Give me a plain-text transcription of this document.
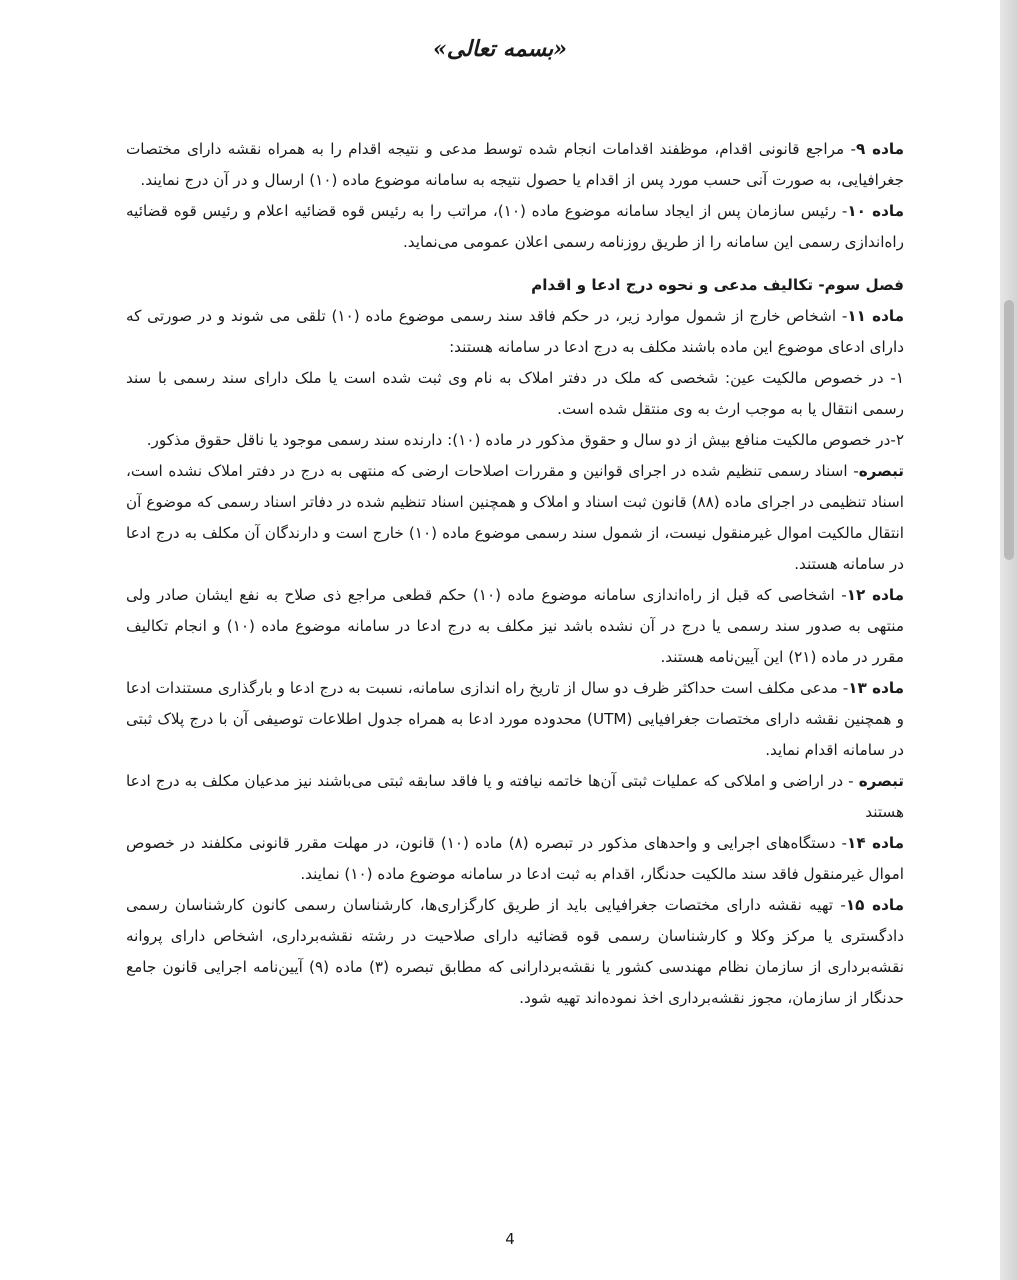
«بسمه تعالی»

ماده ۹- مراجع قانونی اقدام، موظفند اقدامات انجام شده توسط مدعی و نتیجه اقدام را به همراه نقشه دارای مختصات جغرافیایی، به صورت آنی حسب مورد پس از اقدام یا حصول نتیجه به سامانه موضوع ماده (۱۰) ارسال و در آن درج نمایند.

ماده ۱۰- رئیس سازمان پس از ایجاد سامانه موضوع ماده (۱۰)، مراتب را به رئیس قوه قضائیه اعلام و رئیس قوه قضائیه راه‌اندازی رسمی این سامانه را از طریق روزنامه رسمی اعلان عمومی می‌نماید.

فصل سوم- تکالیف مدعی و نحوه درج ادعا و اقدام

ماده ۱۱- اشخاص خارج از شمول موارد زیر، در حکم فاقد سند رسمی موضوع ماده (۱۰) تلقی می شوند و در صورتی که دارای ادعای موضوع این ماده باشند مکلف به درج ادعا در سامانه هستند:

۱- در خصوص مالکیت عین: شخصی که ملک در دفتر املاک به نام وی ثبت شده است یا ملک دارای سند رسمی با سند رسمی انتقال یا به موجب ارث به وی منتقل شده است.

۲-در خصوص مالکیت منافع بیش از دو سال و حقوق مذکور در ماده (۱۰): دارنده سند رسمی موجود یا ناقل حقوق مذکور.

تبصره- اسناد رسمی تنظیم شده در اجرای قوانین و مقررات اصلاحات ارضی که منتهی به درج در دفتر املاک نشده است، اسناد تنظیمی در اجرای ماده (۸۸) قانون ثبت اسناد و املاک و همچنین اسناد تنظیم شده در دفاتر اسناد رسمی که موضوع آن انتقال مالکیت اموال غیرمنقول نیست، از شمول سند رسمی موضوع ماده (۱۰) خارج است و دارندگان آن مکلف به درج ادعا در سامانه هستند.

ماده ۱۲- اشخاصی که قبل از راه‌اندازی سامانه موضوع ماده (۱۰) حکم قطعی مراجع ذی صلاح به نفع ایشان صادر ولی منتهی به صدور سند رسمی یا درج در آن نشده باشد نیز مکلف به درج ادعا در سامانه موضوع ماده (۱۰) و انجام تکالیف مقرر در ماده (۲۱) این آیین‌نامه هستند.

ماده ۱۳- مدعی مکلف است حداکثر ظرف دو سال از تاریخ راه اندازی سامانه، نسبت به درج ادعا و بارگذاری مستندات ادعا و همچنین نقشه دارای مختصات جغرافیایی (UTM) محدوده مورد ادعا به همراه جدول اطلاعات توصیفی آن با درج پلاک ثبتی در سامانه اقدام نماید.

تبصره - در اراضی و املاکی که عملیات ثبتی آن‌ها خاتمه نیافته و یا فاقد سابقه ثبتی می‌باشند نیز مدعیان مکلف به درج ادعا هستند

ماده ۱۴- دستگاه‌های اجرایی و واحدهای مذکور در تبصره (۸) ماده (۱۰) قانون، در مهلت مقرر قانونی مکلفند در خصوص اموال غیرمنقول فاقد سند مالکیت حدنگار، اقدام به ثبت ادعا در سامانه موضوع ماده (۱۰) نمایند.

ماده ۱۵- تهیه نقشه دارای مختصات جغرافیایی باید از طریق کارگزاری‌ها، کارشناسان رسمی کانون کارشناسان رسمی دادگستری یا مرکز وکلا و کارشناسان رسمی قوه قضائیه دارای صلاحیت در رشته نقشه‌برداری، اشخاص دارای پروانه نقشه‌برداری از سازمان نظام مهندسی کشور یا نقشه‌بردارانی که مطابق تبصره (۳) ماده (۹) آیین‌نامه اجرایی قانون جامع حدنگار از سازمان، مجوز نقشه‌برداری اخذ نموده‌اند تهیه شود.

4
